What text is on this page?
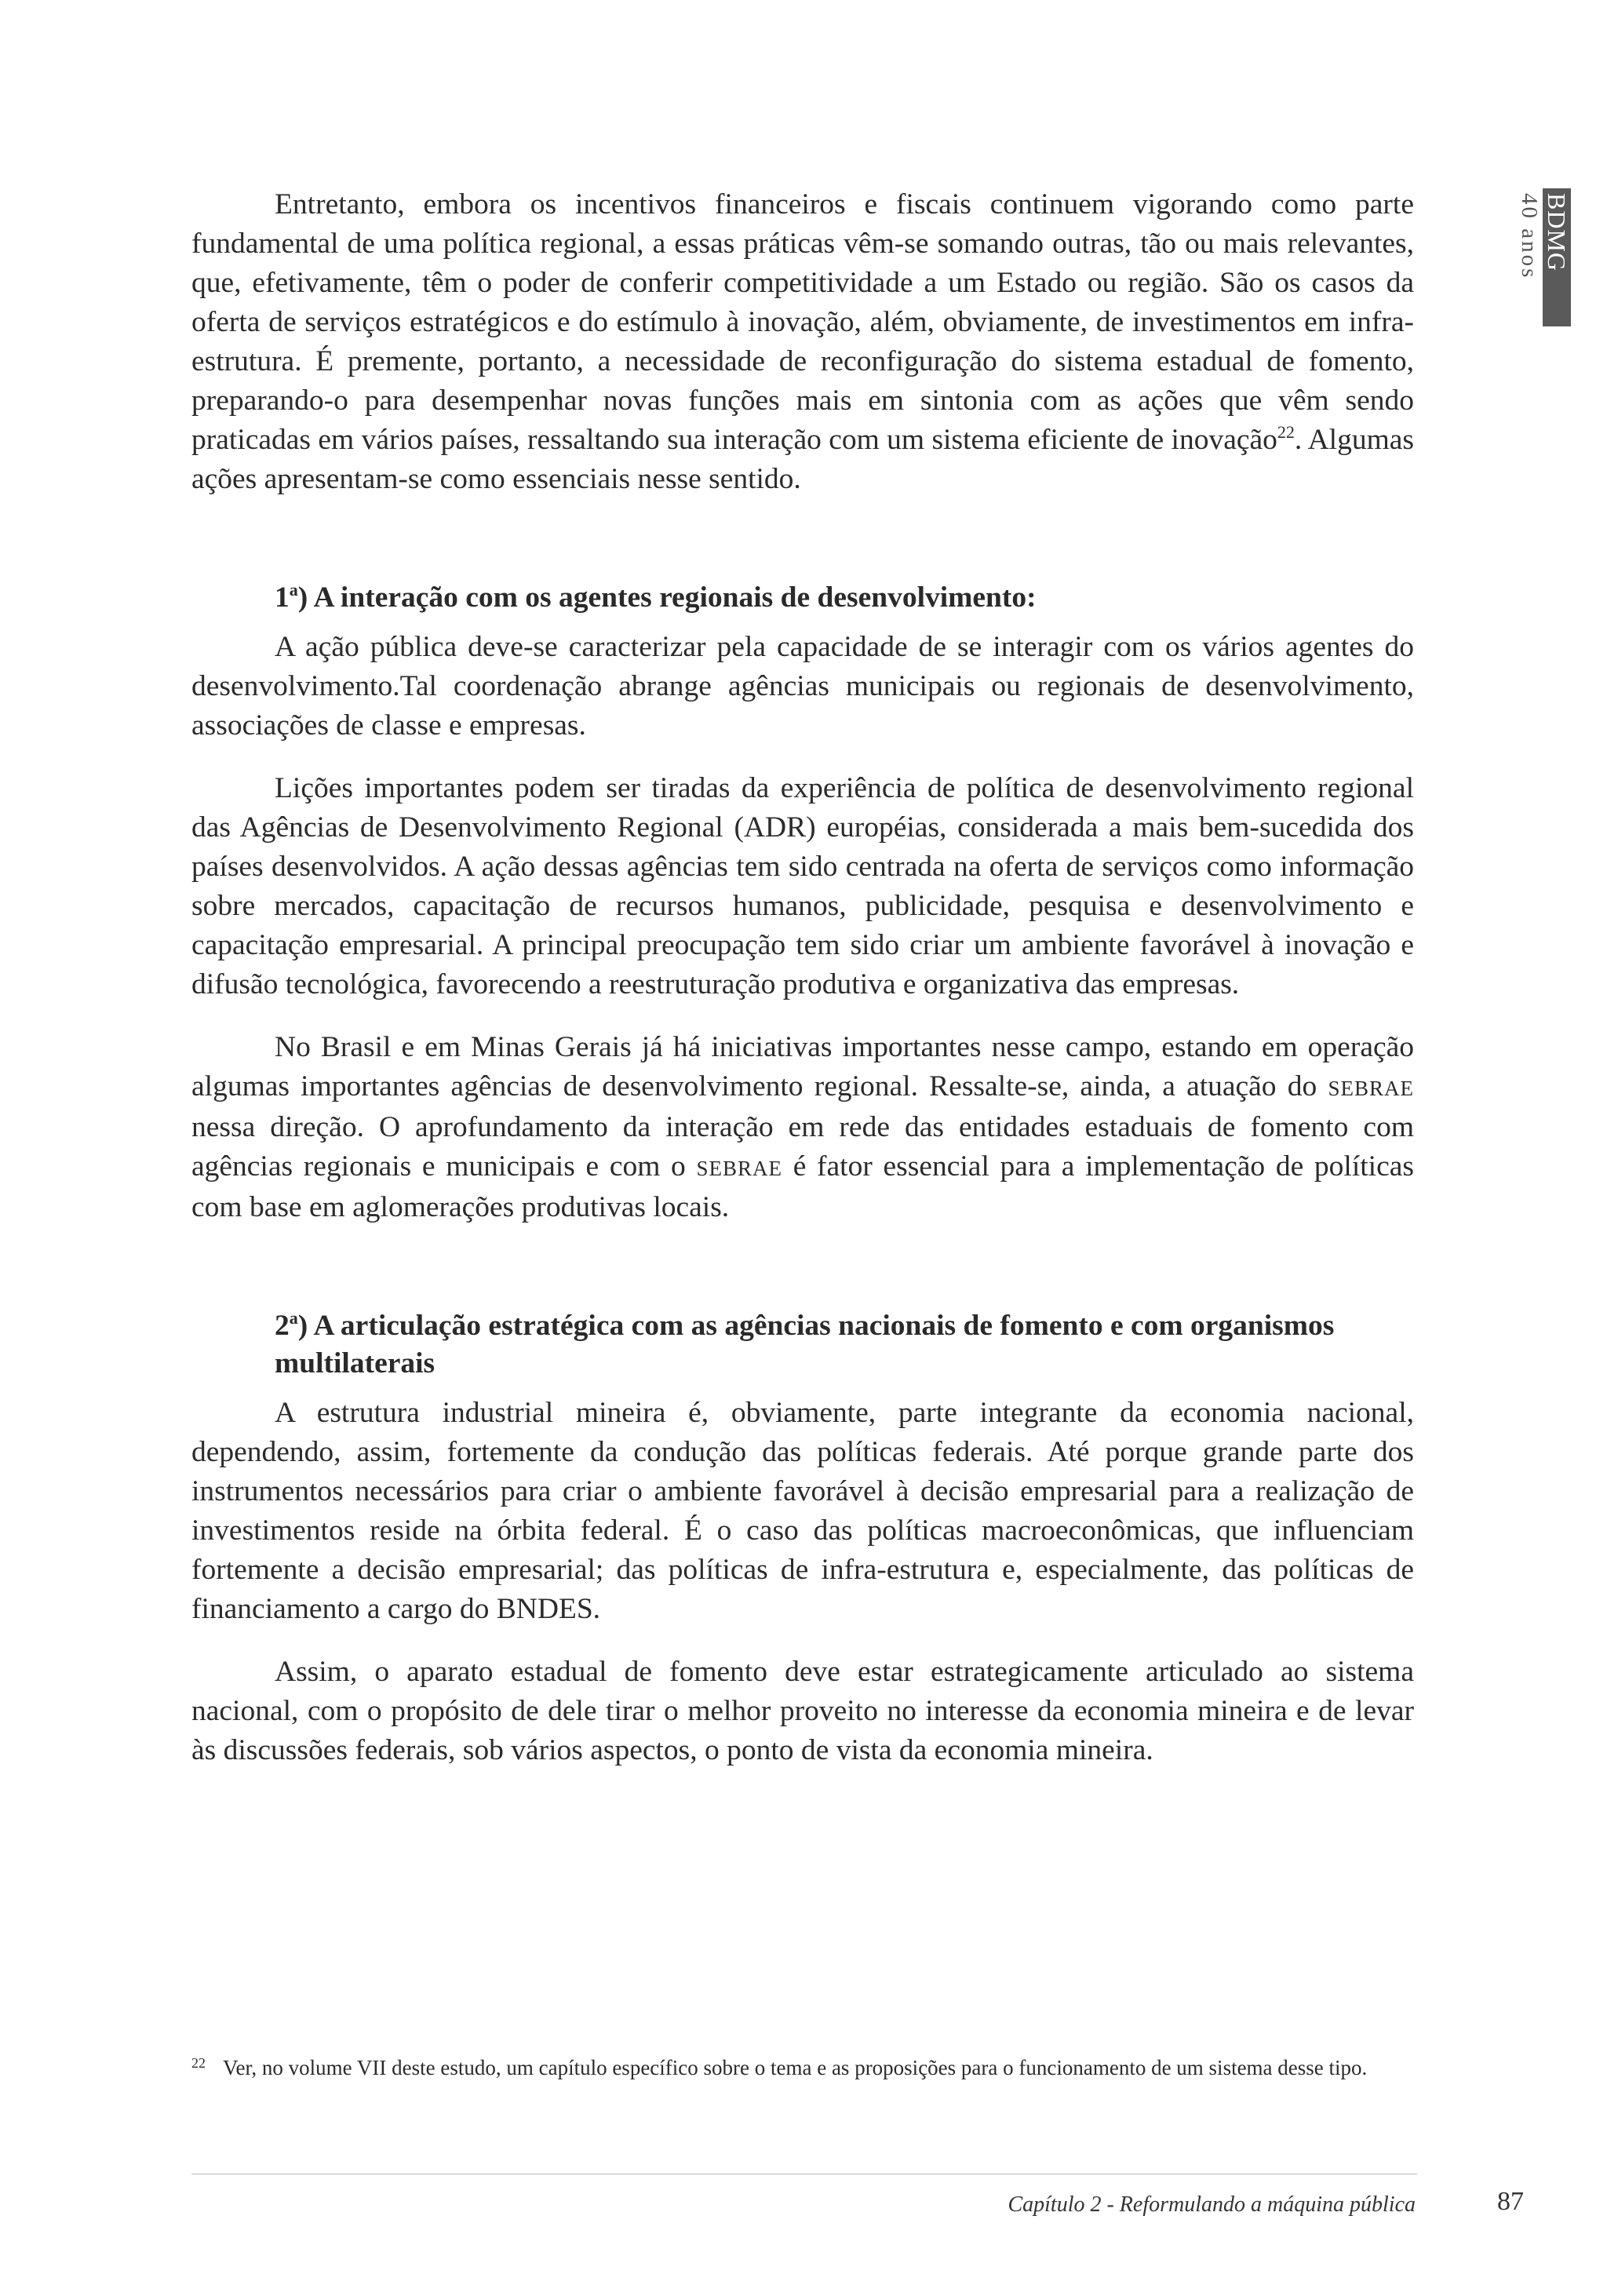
BDMG
40 anos

Entretanto, embora os incentivos financeiros e fiscais continuem vigorando como parte fundamental de uma política regional, a essas práticas vêm-se somando outras, tão ou mais relevantes, que, efetivamente, têm o poder de conferir competitividade a um Estado ou região. São os casos da oferta de serviços estratégicos e do estímulo à inovação, além, obviamente, de investimentos em infra-estrutura. É premente, portanto, a necessidade de reconfiguração do sistema estadual de fomento, preparando-o para desempenhar novas funções mais em sintonia com as ações que vêm sendo praticadas em vários países, ressaltando sua interação com um sistema eficiente de inovação$^{22}$. Algumas ações apresentam-se como essenciais nesse sentido.

1$^a$) A interação com os agentes regionais de desenvolvimento:

A ação pública deve-se caracterizar pela capacidade de se interagir com os vários agentes do desenvolvimento.Tal coordenação abrange agências municipais ou regionais de desenvolvimento, associações de classe e empresas.

Lições importantes podem ser tiradas da experiência de política de desenvolvimento regional das Agências de Desenvolvimento Regional (ADR) européias, considerada a mais bem-sucedida dos países desenvolvidos. A ação dessas agências tem sido centrada na oferta de serviços como informação sobre mercados, capacitação de recursos humanos, publicidade, pesquisa e desenvolvimento e capacitação empresarial. A principal preocupação tem sido criar um ambiente favorável à inovação e difusão tecnológica, favorecendo a reestruturação produtiva e organizativa das empresas.

No Brasil e em Minas Gerais já há iniciativas importantes nesse campo, estando em operação algumas importantes agências de desenvolvimento regional. Ressalte-se, ainda, a atuação do SEBRAE nessa direção. O aprofundamento da interação em rede das entidades estaduais de fomento com agências regionais e municipais e com o SEBRAE é fator essencial para a implementação de políticas com base em aglomerações produtivas locais.

2$^a$) A articulação estratégica com as agências nacionais de fomento e com organismos multilaterais

A estrutura industrial mineira é, obviamente, parte integrante da economia nacional, dependendo, assim, fortemente da condução das políticas federais. Até porque grande parte dos instrumentos necessários para criar o ambiente favorável à decisão empresarial para a realização de investimentos reside na órbita federal. É o caso das políticas macroeconômicas, que influenciam fortemente a decisão empresarial; das políticas de infra-estrutura e, especialmente, das políticas de financiamento a cargo do BNDES.

Assim, o aparato estadual de fomento deve estar estrategicamente articulado ao sistema nacional, com o propósito de dele tirar o melhor proveito no interesse da economia mineira e de levar às discussões federais, sob vários aspectos, o ponto de vista da economia mineira.

22 Ver, no volume VII deste estudo, um capítulo específico sobre o tema e as proposições para o funcionamento de um sistema desse tipo.
Capítulo 2 - Reformulando a máquina pública	87
